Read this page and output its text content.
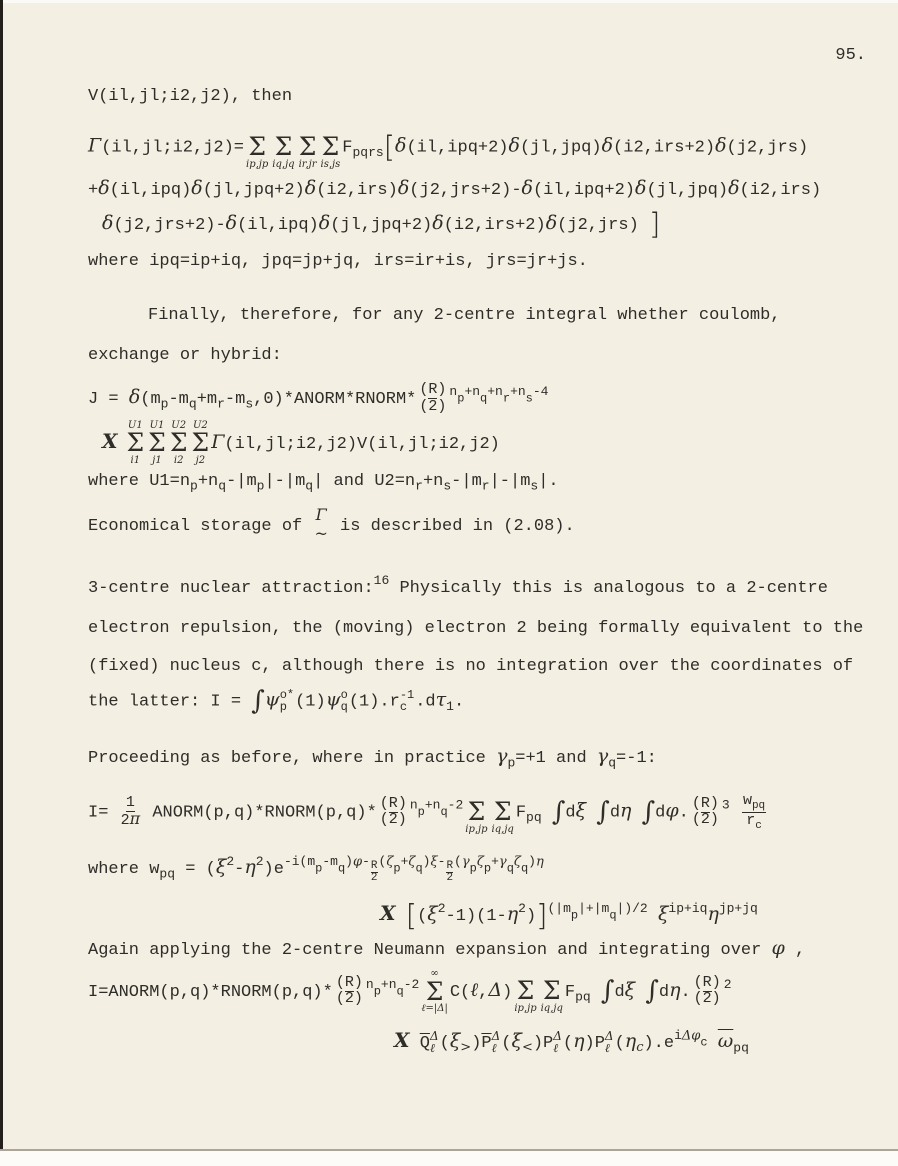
95.
V(il,jl;i2,j2), then
Γ(il,jl;i2,j2)= Σ
ip,jp
Σ
iq,jq
Σ
ir,jr
Σ
is,js
$F_{pqrs}[\delta(il,ipq+2)\delta(jl,jpq)\delta(i2,irs+2)\delta(j2,jrs)$
+δ(il,ipq)δ(jl,jpq+2)δ(i2,irs)δ(j2,jrs+2)-δ(il,ipq+2)δ(jl,jpq)δ(i2,irs)
δ(j2,jrs+2)-δ(il,ipq)δ(jl,jpq+2)δ(i2,irs+2)δ(j2,jrs) ]
where ipq=ip+iq, jpq=jp+jq, irs=ir+is, jrs=jr+js.
Finally, therefore, for any 2-centre integral whether coulomb,
exchange or hybrid:
$J = \delta(m_p-m_q+m_r-m_s,0)*ANORM*RNORM*$
(R)
(2)
$^np^{+n}q^{+n}r^{+n}s^{-4}$
X
U1
Σ
i1
U1
Σ
j1
U2
Σ
i2
U2
Σ
j2
Γ(il,jl;i2,j2)V(il,jl;i2,j2)
where $U1=n_p+n_q-|m_p|-|m_q|$ and $U2=n_r+n_s-|m_r|-|m_s|$.
Economical storage of
Γ
~ is described in (2.08).
3-centre nuclear attraction:$^{16}$ Physically this is analogous to a 2-centre
electron repulsion, the (moving) electron 2 being formally equivalent to the
(fixed) nucleus c, although there is no integration over the coordinates of
the latter: I = ∫ψ o*
p (1)ψ o
q (1).r -1
c $.d\tau_1$.
Proceeding as before, where in practice $\gamma_p=+1$ and $\gamma_q=-1$:
I=
1
2π ANORM(p,q)*RNORM(p,q)*
(R)
(2)
$^np^{+n}q^{-2}$ Σ
ip,jp
Σ
iq,jq
$F_{pq}$ ∫dξ ∫dη ∫dφ.
(R)
(2)
$^3 \frac{w_{pq}}{r_c}$
where $w_{pq} = (\xi^2-\eta^2)e^{-i(m}p^{-m}q^{)\varphi-}$ R
2
$^{(\zeta}p^{+\zeta}q^{)\xi-}$ R
2
$^{(\gamma}p^\zeta p^{+\gamma}q^\zeta q^{)\eta}$
X $[(\xi^2-1)(1-\eta^2)]^{(|m}p^{|+|m}q^{|)/2}$ $\xi^{ip+iq}\eta^{jp+jq}$
Again applying the 2-centre Neumann expansion and integrating over φ ,
I=ANORM(p,q)*RNORM(p,q)*
(R)
(2)
$^np^{+n}q^{-2}$
∞
Σ
ℓ=|Δ|
C(ℓ,Δ) Σ
ip,jp
Σ
iq,jq
$F_{pq}$ ∫dξ ∫dη.
(R)
(2)
$^2$
X $\overline{Q}$ Δ
ℓ $(\xi_>)\overline{P}$ Δ
ℓ $(\xi_<)P$ Δ
ℓ (η)P Δ
ℓ $(\eta_c).e^{i\Delta\varphi}c$ $\overline{\omega}_{pq}$
